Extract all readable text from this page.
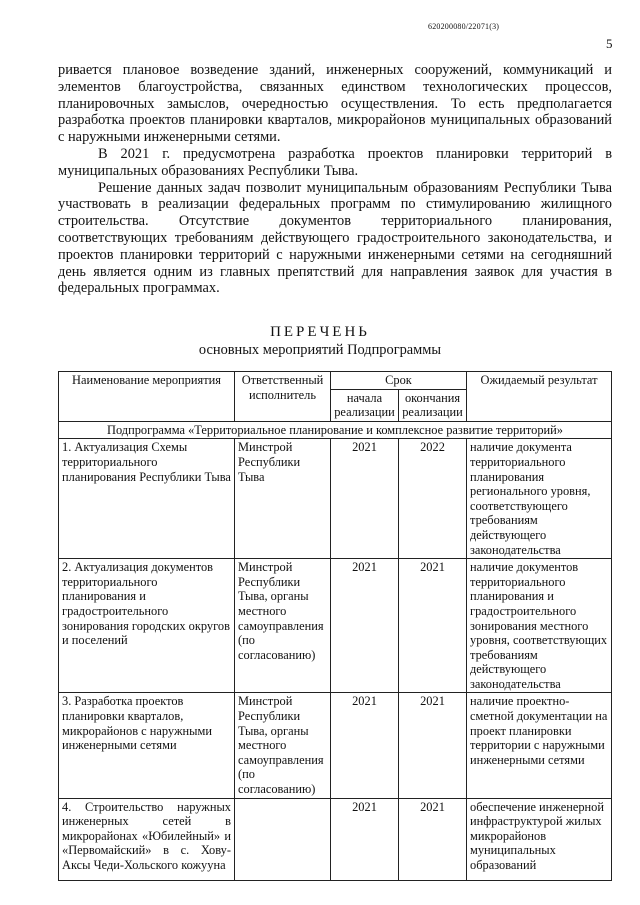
620200080/22071(3)
5

ривается плановое возведение зданий, инженерных сооружений, коммуникаций и элементов благоустройства, связанных единством технологических процессов, планировочных замыслов, очередностью осуществления. То есть предполагается разработка проектов планировки кварталов, микрорайонов муниципальных образований с наружными инженерными сетями.

В 2021 г. предусмотрена разработка проектов планировки территорий в муниципальных образованиях Республики Тыва.

Решение данных задач позволит муниципальным образованиям Республики Тыва участвовать в реализации федеральных программ по стимулированию жилищного строительства. Отсутствие документов территориального планирования, соответствующих требованиям действующего градостроительного законодательства, и проектов планировки территорий с наружными инженерными сетями на сегодняшний день является одним из главных препятствий для направления заявок для участия в федеральных программах.

ПЕРЕЧЕНЬ
основных мероприятий Подпрограммы
Наименование мероприятия	Ответственный исполнитель	Срок		Ожидаемый результат
		начала реализации	окончания реализации	
Подпрограмма «Территориальное планирование и комплексное развитие территорий»				
1. Актуализация Схемы территориального планирования Республики Тыва	Минстрой Республики Тыва	2021	2022	наличие документа территориального планирования регионального уровня, соответствующего требованиям действующего законодательства
2. Актуализация документов территориального планирования и градостроительного зонирования городских округов и поселений	Минстрой Республики Тыва, органы местного самоуправления (по согласованию)	2021	2021	наличие документов территориального планирования и градостроительного зонирования местного уровня, соответствующих требованиям действующего законодательства
3. Разработка проектов планировки кварталов, микрорайонов с наружными инженерными сетями	Минстрой Республики Тыва, органы местного самоуправления (по согласованию)	2021	2021	наличие проектно-сметной документации на проект планировки территории с наружными инженерными сетями
4. Строительство наружных инженерных сетей в микрорайонах «Юбилейный» и «Первомайский» в с. Хову-Аксы Чеди-Хольского кожууна		2021	2021	обеспечение инженерной инфраструктурой жилых микрорайонов муниципальных образований
